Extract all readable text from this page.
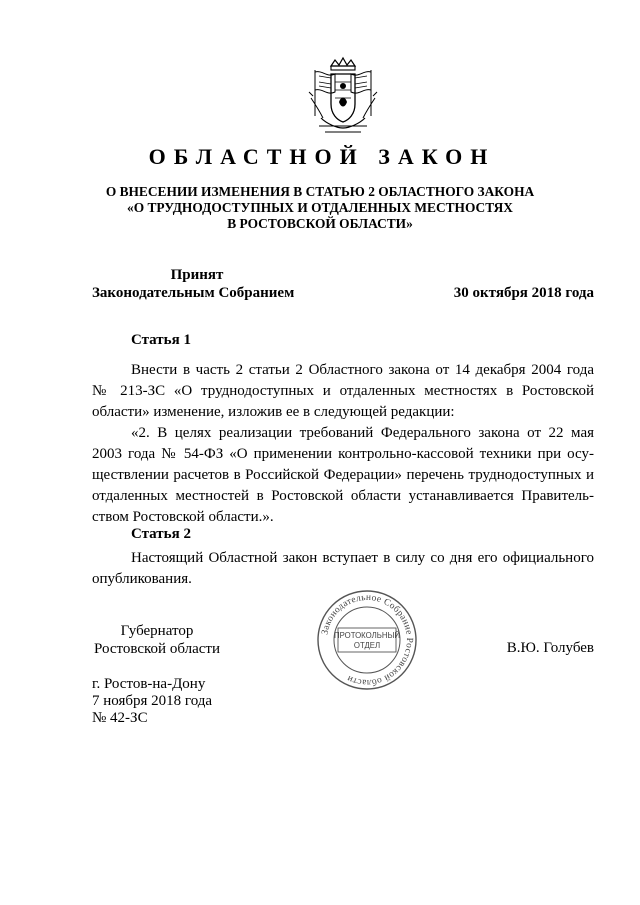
ОБЛАСТНОЙ ЗАКОН
О ВНЕСЕНИИ ИЗМЕНЕНИЯ В СТАТЬЮ 2 ОБЛАСТНОГО ЗАКОНА
«О ТРУДНОДОСТУПНЫХ И ОТДАЛЕННЫХ МЕСТНОСТЯХ
В РОСТОВСКОЙ ОБЛАСТИ»
Принят
Законодательным Собранием	30 октября 2018 года
Статья 1
Внести в часть 2 статьи 2 Областного закона от 14 декабря 2004 года
№ 213-ЗС «О труднодоступных и отдаленных местностях в Ростовской
области» изменение, изложив ее в следующей редакции:
«2. В целях реализации требований Федерального закона от 22 мая
2003 года № 54-ФЗ «О применении контрольно-кассовой техники при осу-
ществлении расчетов в Российской Федерации» перечень труднодоступных и
отдаленных местностей в Ростовской области устанавливается Правитель-
ством Ростовской области.».
Статья 2
Настоящий Областной закон вступает в силу со дня его официального
опубликования.
Губернатор
Ростовской области
Законодательное Собрание Ростовской области
ПРОТОКОЛЬНЫЙ
ОТДЕЛ	В.Ю. Голубев
г. Ростов-на-Дону
7 ноября 2018 года
№ 42-ЗС
